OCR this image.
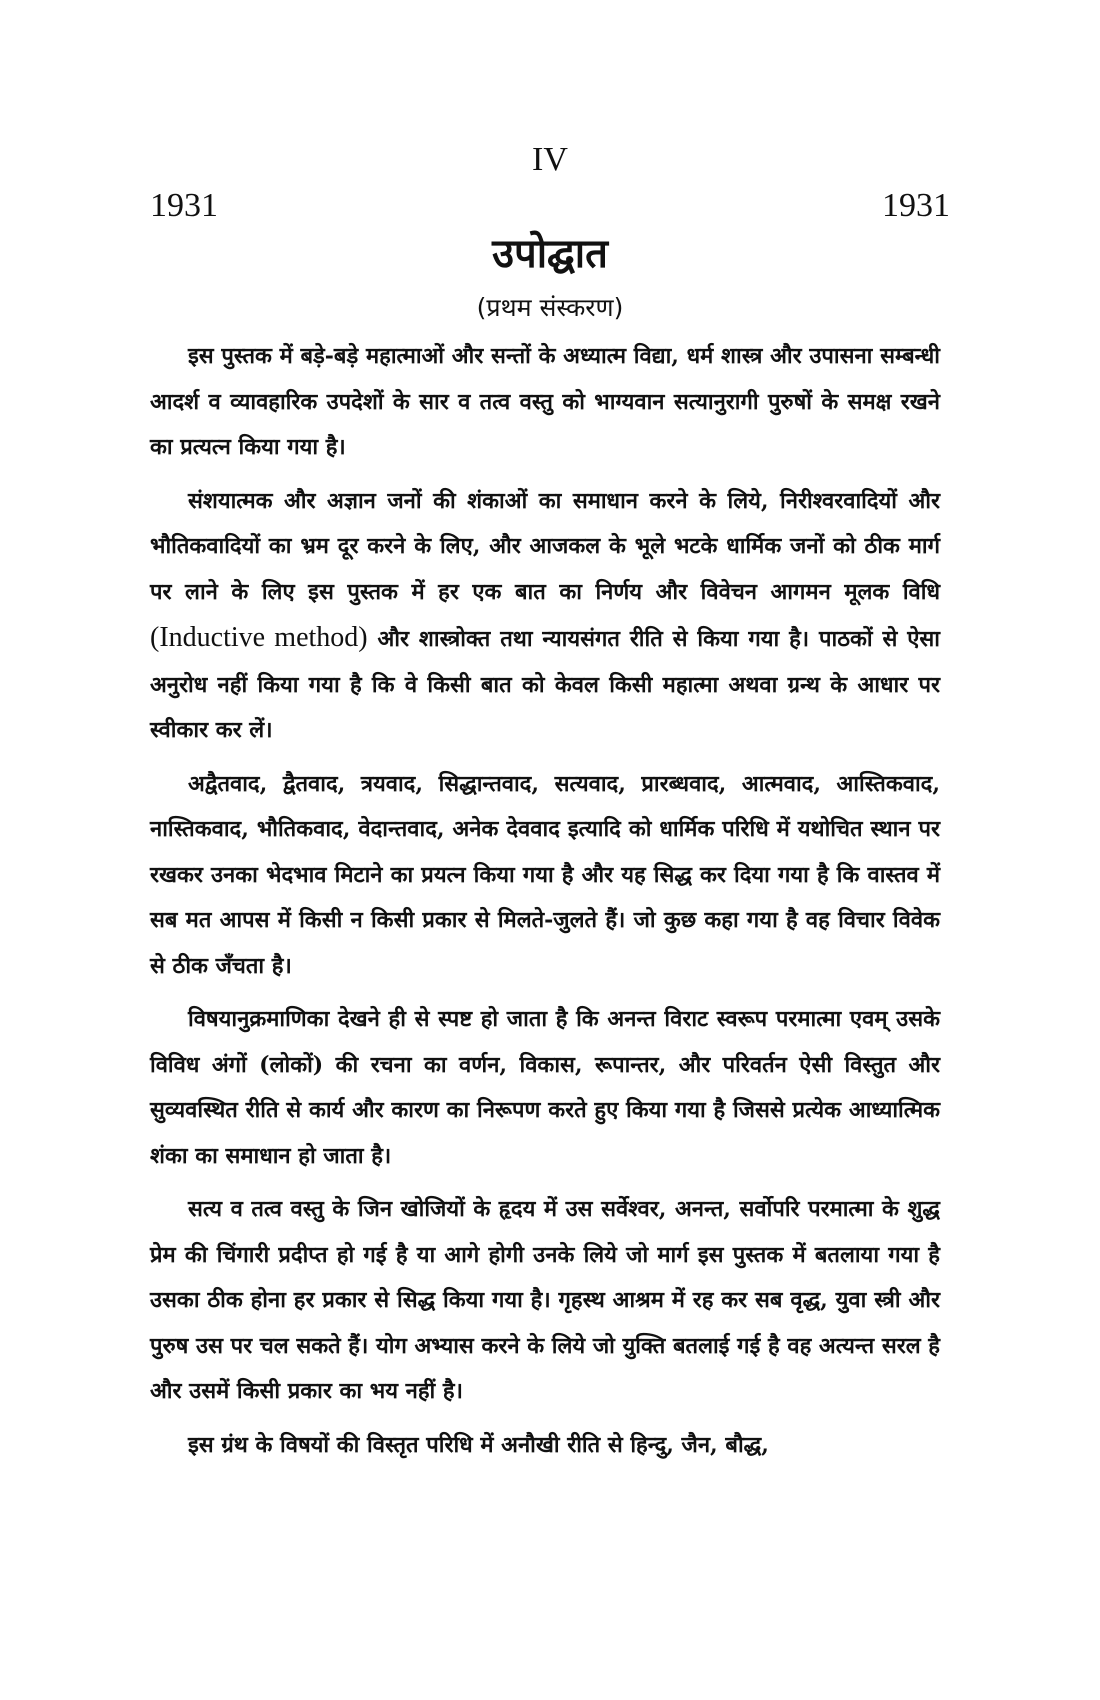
IV
1931	1931
उपोद्घात
(प्रथम संस्करण)

इस पुस्तक में बड़े-बड़े महात्माओं और सन्तों के अध्यात्म विद्या, धर्म शास्त्र और उपासना सम्बन्धी आदर्श व व्यावहारिक उपदेशों के सार व तत्व वस्तु को भाग्यवान सत्यानुरागी पुरुषों के समक्ष रखने का प्रत्यत्न किया गया है।

संशयात्मक और अज्ञान जनों की शंकाओं का समाधान करने के लिये, निरीश्वरवादियों और भौतिकवादियों का भ्रम दूर करने के लिए, और आजकल के भूले भटके धार्मिक जनों को ठीक मार्ग पर लाने के लिए इस पुस्तक में हर एक बात का निर्णय और विवेचन आगमन मूलक विधि (Inductive method) और शास्त्रोक्त तथा न्यायसंगत रीति से किया गया है। पाठकों से ऐसा अनुरोध नहीं किया गया है कि वे किसी बात को केवल किसी महात्मा अथवा ग्रन्थ के आधार पर स्वीकार कर लें।

अद्वैतवाद, द्वैतवाद, त्रयवाद, सिद्धान्तवाद, सत्यवाद, प्रारब्धवाद, आत्मवाद, आस्तिकवाद, नास्तिकवाद, भौतिकवाद, वेदान्तवाद, अनेक देववाद इत्यादि को धार्मिक परिधि में यथोचित स्थान पर रखकर उनका भेदभाव मिटाने का प्रयत्न किया गया है और यह सिद्ध कर दिया गया है कि वास्तव में सब मत आपस में किसी न किसी प्रकार से मिलते-जुलते हैं। जो कुछ कहा गया है वह विचार विवेक से ठीक जँचता है।

विषयानुक्रमाणिका देखने ही से स्पष्ट हो जाता है कि अनन्त विराट स्वरूप परमात्मा एवम् उसके विविध अंगों (लोकों) की रचना का वर्णन, विकास, रूपान्तर, और परिवर्तन ऐसी विस्तुत और सुव्यवस्थित रीति से कार्य और कारण का निरूपण करते हुए किया गया है जिससे प्रत्येक आध्यात्मिक शंका का समाधान हो जाता है।

सत्य व तत्व वस्तु के जिन खोजियों के हृदय में उस सर्वेश्वर, अनन्त, सर्वोपरि परमात्मा के शुद्ध प्रेम की चिंगारी प्रदीप्त हो गई है या आगे होगी उनके लिये जो मार्ग इस पुस्तक में बतलाया गया है उसका ठीक होना हर प्रकार से सिद्ध किया गया है। गृहस्थ आश्रम में रह कर सब वृद्ध, युवा स्त्री और पुरुष उस पर चल सकते हैं। योग अभ्यास करने के लिये जो युक्ति बतलाई गई है वह अत्यन्त सरल है और उसमें किसी प्रकार का भय नहीं है।

इस ग्रंथ के विषयों की विस्तृत परिधि में अनौखी रीति से हिन्दु, जैन, बौद्ध,
